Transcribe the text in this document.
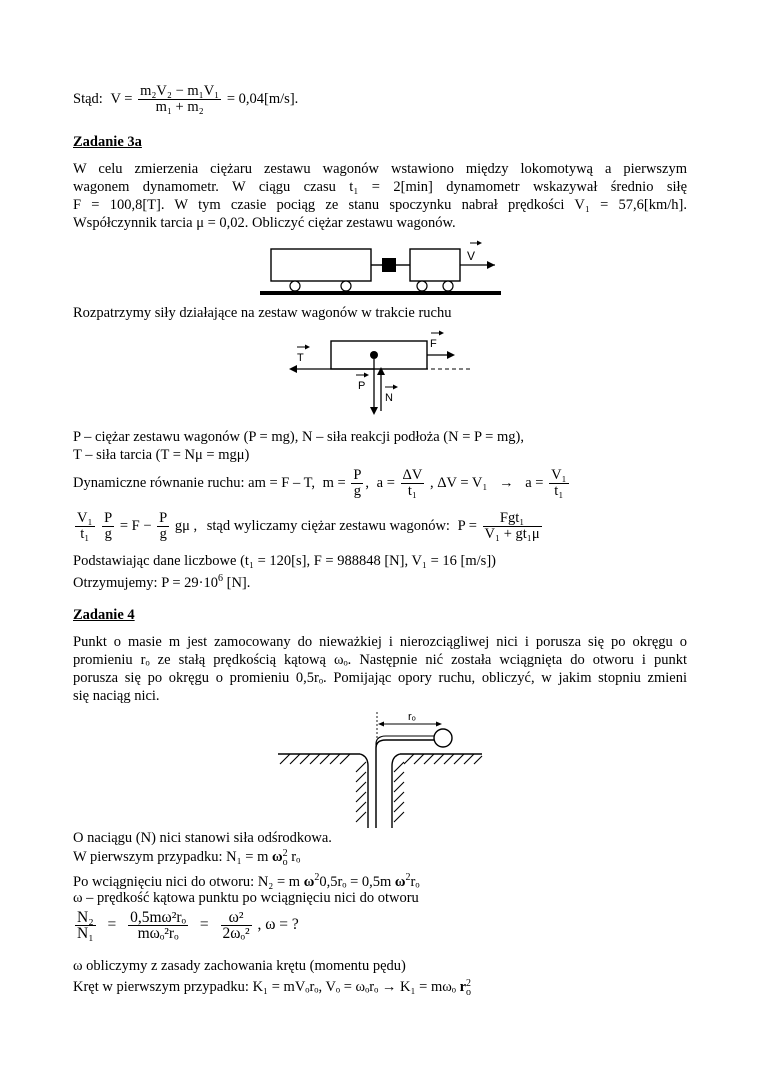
Stąd: $V = \frac{\text{m₂V₂ − m₁V₁}}{\text{m₁ + m₂}} = 0,04[m/s]$.
Zadanie 3a
W celu zmierzenia ciężaru zestawu wagonów wstawiono między lokomotywą a pierwszym
wagonem dynamometr. W ciągu czasu t₁ = 2[min] dynamometr wskazywał średnio siłę
F = 100,8[T]. W tym czasie pociąg ze stanu spoczynku nabrał prędkości V₁ = 57,6[km/h].
Współczynnik tarcia μ = 0,02. Obliczyć ciężar zestawu wagonów.
V
Rozpatrzymy siły działające na zestaw wagonów w trakcie ruchu
T
F
P
N
P – ciężar zestawu wagonów (P = mg), N – siła reakcji podłoża (N = P = mg),
T – siła tarcia (T = Nμ = mgμ)
Dynamiczne równanie ruchu: am = F – T, $m = \frac{P}{g}$ , $a = \frac{\Delta V}{\text{t₁}}$ , $\Delta V = V_1 \to a = \frac{\text{V₁}}{\text{t₁}}$
$\frac{\text{V₁}}{\text{t₁}}$
$\frac{P}{g} = F - \frac{P}{g}$ gμ , stąd wyliczamy ciężar zestawu wagonów: $P = \frac{\text{Fgt₁}}{\text{V₁ + gt₁μ}}$
Podstawiając dane liczbowe (t₁ = 120[s], F = 988848 [N], V₁ = 16 [m/s])
Otrzymujemy: $P = 29\cdot 10^6$ [N].
Zadanie 4
Punkt o masie m jest zamocowany do nieważkiej i nierozciągliwej nici i porusza się po okręgu o
promieniu rₒ ze stałą prędkością kątową ωₒ. Następnie nić została wciągnięta do otworu i punkt
porusza się po okręgu o promieniu 0,5rₒ. Pomijając opory ruchu, obliczyć, w jakim stopniu zmieni
się naciąg nici.
rₒ
O naciągu (N) nici stanowi siła odśrodkowa.
W pierwszym przypadku: N₁ = m ω 2
o rₒ
Po wciągnięciu nici do otworu: N₂ = m $\omega^20,5r_o = 0,5m$ $\omega^2r_o$
ω – prędkość kątowa punktu po wciągnięciu nici do otworu
$\frac{\text{N₂}}{\text{N₁}} = \frac{\text{0,5mω²rₒ}}{\text{mωₒ²rₒ}} = \frac{\text{ω²}}{\text{2ωₒ²}}$ , ω = ?
ω obliczymy z zasady zachowania krętu (momentu pędu)
Kręt w pierwszym przypadku: K₁ = mVₒrₒ, Vₒ = ωₒrₒ → K₁ = mωₒ r 2
o
